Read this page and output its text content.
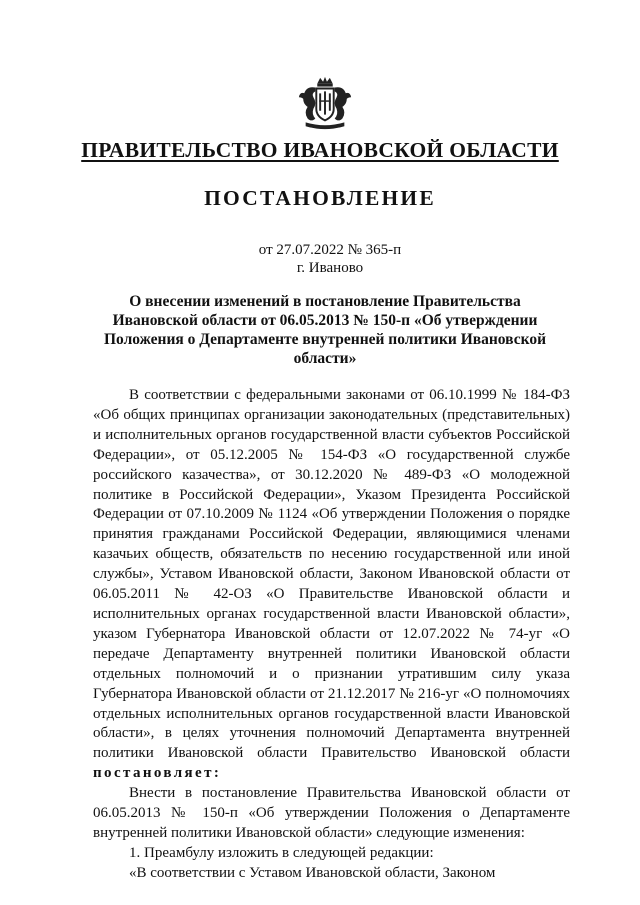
ПРАВИТЕЛЬСТВО ИВАНОВСКОЙ ОБЛАСТИ
ПОСТАНОВЛЕНИЕ
от 27.07.2022 № 365-п
г. Иваново
О внесении изменений в постановление Правительства Ивановской области от 06.05.2013 № 150-п «Об утверждении Положения о Департаменте внутренней политики Ивановской области»

В соответствии с федеральными законами от 06.10.1999 № 184-ФЗ «Об общих принципах организации законодательных (представительных) и исполнительных органов государственной власти субъектов Российской Федерации», от 05.12.2005 № 154-ФЗ «О государственной службе российского казачества», от 30.12.2020 № 489-ФЗ «О молодежной политике в Российской Федерации», Указом Президента Российской Федерации от 07.10.2009 № 1124 «Об утверждении Положения о порядке принятия гражданами Российской Федерации, являющимися членами казачьих обществ, обязательств по несению государственной или иной службы», Уставом Ивановской области, Законом Ивановской области от 06.05.2011 № 42-ОЗ «О Правительстве Ивановской области и исполнительных органах государственной власти Ивановской области», указом Губернатора Ивановской области от 12.07.2022 № 74-уг «О передаче Департаменту внутренней политики Ивановской области отдельных полномочий и о признании утратившим силу указа Губернатора Ивановской области от 21.12.2017 № 216-уг «О полномочиях отдельных исполнительных органов государственной власти Ивановской области», в целях уточнения полномочий Департамента внутренней политики Ивановской области Правительство Ивановской области постановляет:

Внести в постановление Правительства Ивановской области от 06.05.2013 № 150-п «Об утверждении Положения о Департаменте внутренней политики Ивановской области» следующие изменения:

1. Преамбулу изложить в следующей редакции:

«В соответствии с Уставом Ивановской области, Законом
